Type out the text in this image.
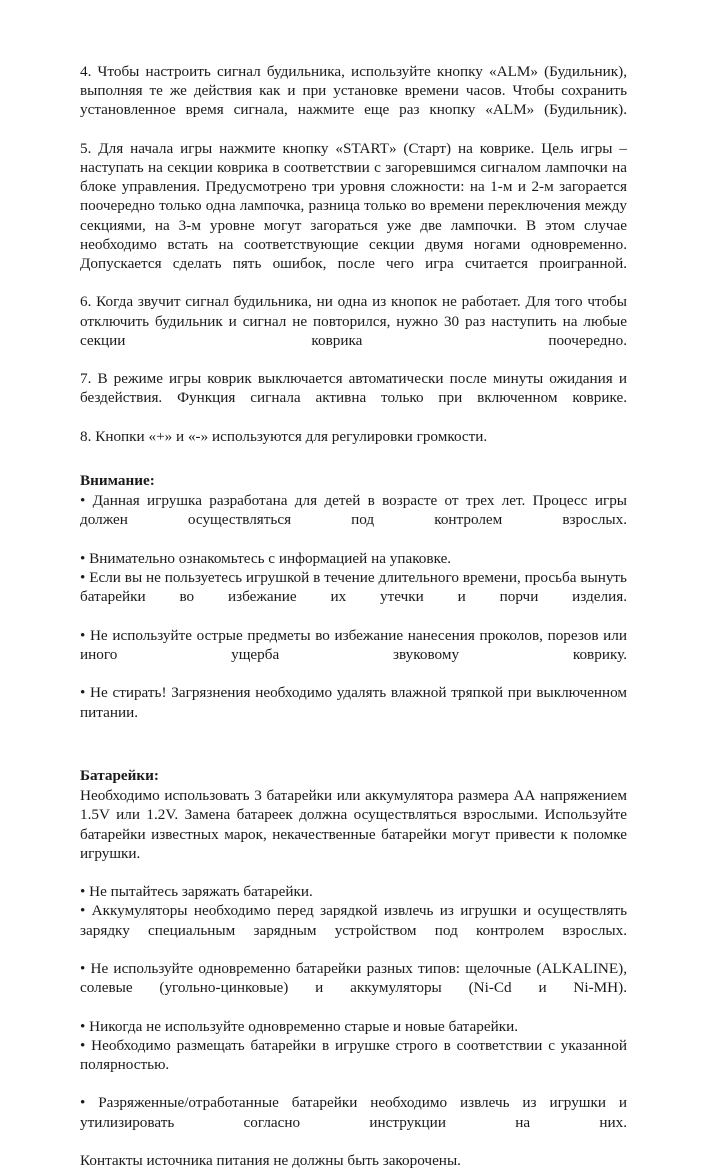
4. Чтобы настроить сигнал будильника, используйте кнопку «ALM» (Будильник), выполняя те же действия как и при установке времени часов. Чтобы сохранить установленное время сигнала, нажмите еще раз кнопку «ALM» (Будильник).

5. Для начала игры нажмите кнопку «START» (Старт) на коврике. Цель игры – наступать на секции коврика в соответствии с загоревшимся сигналом лампочки на блоке управления. Предусмотрено три уровня сложности: на 1-м и 2-м загорается поочередно только одна лампочка, разница только во времени переключения между секциями, на 3-м уровне могут загораться уже две лампочки. В этом случае необходимо встать на соответствующие секции двумя ногами одновременно. Допускается сделать пять ошибок, после чего игра считается проигранной.

6. Когда звучит сигнал будильника, ни одна из кнопок не работает. Для того чтобы отключить будильник и сигнал не повторился, нужно 30 раз наступить на любые секции коврика поочередно.

7. В режиме игры коврик выключается автоматически после минуты ожидания и бездействия. Функция сигнала активна только при включенном коврике.

8. Кнопки «+» и «-» используются для регулировки громкости.

Внимание:

• Данная игрушка разработана для детей в возрасте от трех лет. Процесс игры должен осуществляться под контролем взрослых.

• Внимательно ознакомьтесь с информацией на упаковке.

• Если вы не пользуетесь игрушкой в течение длительного времени, просьба вынуть батарейки во избежание их утечки и порчи изделия.

• Не используйте острые предметы во избежание нанесения проколов, порезов или иного ущерба звуковому коврику.

• Не стирать! Загрязнения необходимо удалять влажной тряпкой при выключенном питании.

Батарейки:

Необходимо использовать 3 батарейки или аккумулятора размера АА напряжением 1.5V или 1.2V. Замена батареек должна осуществляться взрослыми. Используйте батарейки известных марок, некачественные батарейки могут привести к поломке игрушки.

• Не пытайтесь заряжать батарейки.

• Аккумуляторы необходимо перед зарядкой извлечь из игрушки и осуществлять зарядку специальным зарядным устройством под контролем взрослых.

• Не используйте одновременно батарейки разных типов: щелочные (ALKALINE), солевые (угольно-цинковые) и аккумуляторы (Ni-Cd и Ni-MH).

• Никогда не используйте одновременно старые и новые батарейки.

• Необходимо размещать батарейки в игрушке строго в соответствии с указанной полярностью.

• Разряженные/отработанные батарейки необходимо извлечь из игрушки и утилизировать согласно инструкции на них.

Контакты источника питания не должны быть закорочены.
